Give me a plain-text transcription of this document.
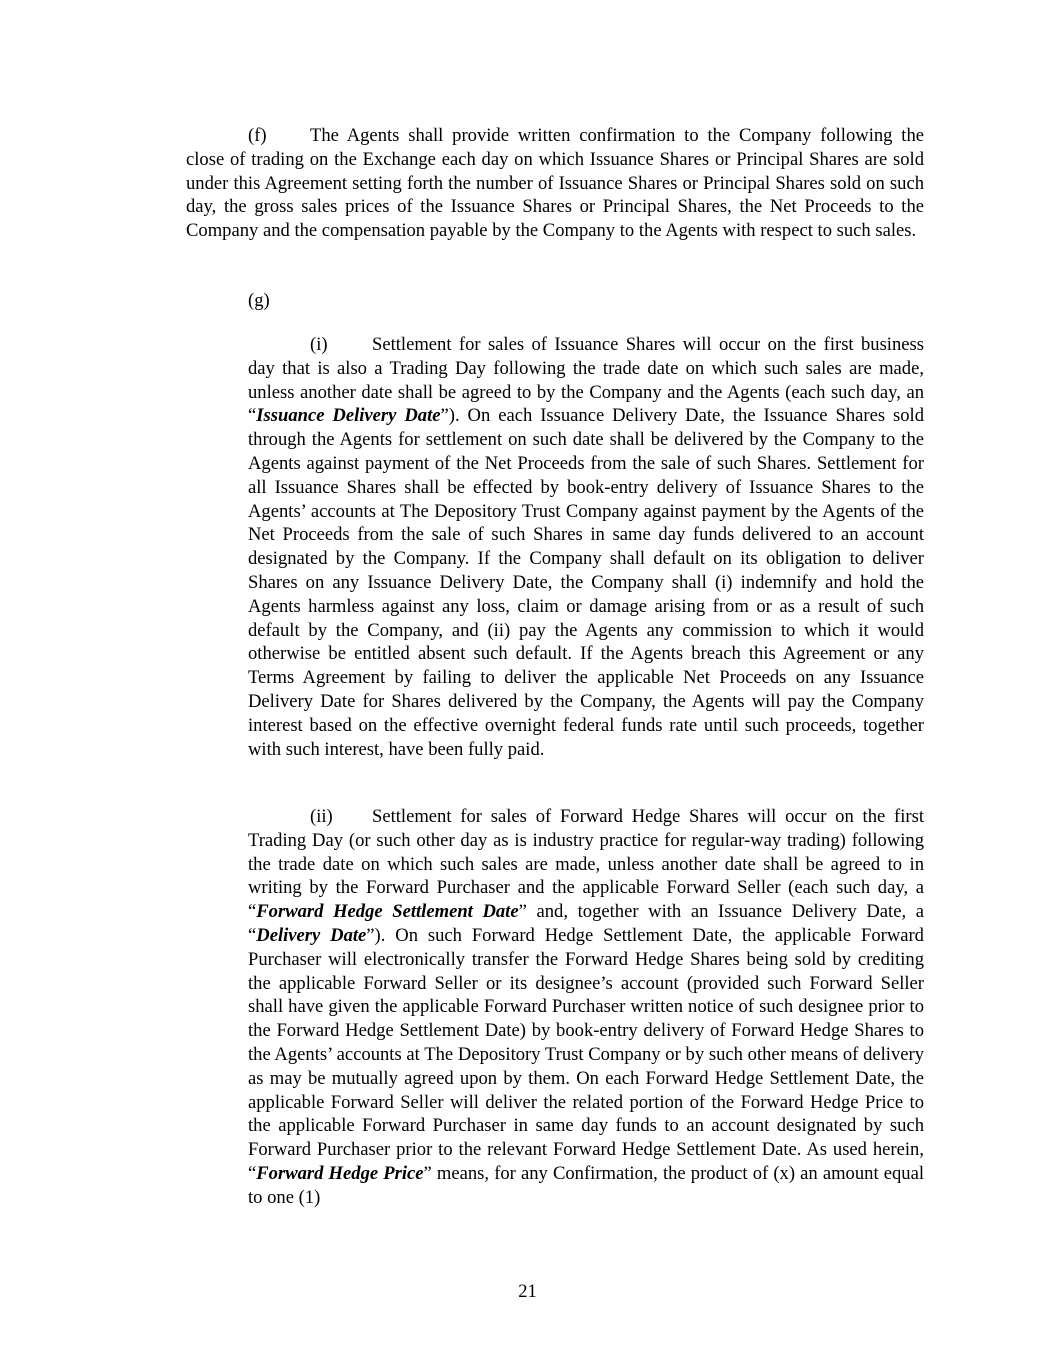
(f) The Agents shall provide written confirmation to the Company following the close of trading on the Exchange each day on which Issuance Shares or Principal Shares are sold under this Agreement setting forth the number of Issuance Shares or Principal Shares sold on such day, the gross sales prices of the Issuance Shares or Principal Shares, the Net Proceeds to the Company and the compensation payable by the Company to the Agents with respect to such sales.

(g)

(i) Settlement for sales of Issuance Shares will occur on the first business day that is also a Trading Day following the trade date on which such sales are made, unless another date shall be agreed to by the Company and the Agents (each such day, an “Issuance Delivery Date”). On each Issuance Delivery Date, the Issuance Shares sold through the Agents for settlement on such date shall be delivered by the Company to the Agents against payment of the Net Proceeds from the sale of such Shares. Settlement for all Issuance Shares shall be effected by book-entry delivery of Issuance Shares to the Agents’ accounts at The Depository Trust Company against payment by the Agents of the Net Proceeds from the sale of such Shares in same day funds delivered to an account designated by the Company. If the Company shall default on its obligation to deliver Shares on any Issuance Delivery Date, the Company shall (i) indemnify and hold the Agents harmless against any loss, claim or damage arising from or as a result of such default by the Company, and (ii) pay the Agents any commission to which it would otherwise be entitled absent such default. If the Agents breach this Agreement or any Terms Agreement by failing to deliver the applicable Net Proceeds on any Issuance Delivery Date for Shares delivered by the Company, the Agents will pay the Company interest based on the effective overnight federal funds rate until such proceeds, together with such interest, have been fully paid.

(ii) Settlement for sales of Forward Hedge Shares will occur on the first Trading Day (or such other day as is industry practice for regular-way trading) following the trade date on which such sales are made, unless another date shall be agreed to in writing by the Forward Purchaser and the applicable Forward Seller (each such day, a “Forward Hedge Settlement Date” and, together with an Issuance Delivery Date, a “Delivery Date”). On such Forward Hedge Settlement Date, the applicable Forward Purchaser will electronically transfer the Forward Hedge Shares being sold by crediting the applicable Forward Seller or its designee’s account (provided such Forward Seller shall have given the applicable Forward Purchaser written notice of such designee prior to the Forward Hedge Settlement Date) by book-entry delivery of Forward Hedge Shares to the Agents’ accounts at The Depository Trust Company or by such other means of delivery as may be mutually agreed upon by them. On each Forward Hedge Settlement Date, the applicable Forward Seller will deliver the related portion of the Forward Hedge Price to the applicable Forward Purchaser in same day funds to an account designated by such Forward Purchaser prior to the relevant Forward Hedge Settlement Date. As used herein, “Forward Hedge Price” means, for any Confirmation, the product of (x) an amount equal to one (1)

21
